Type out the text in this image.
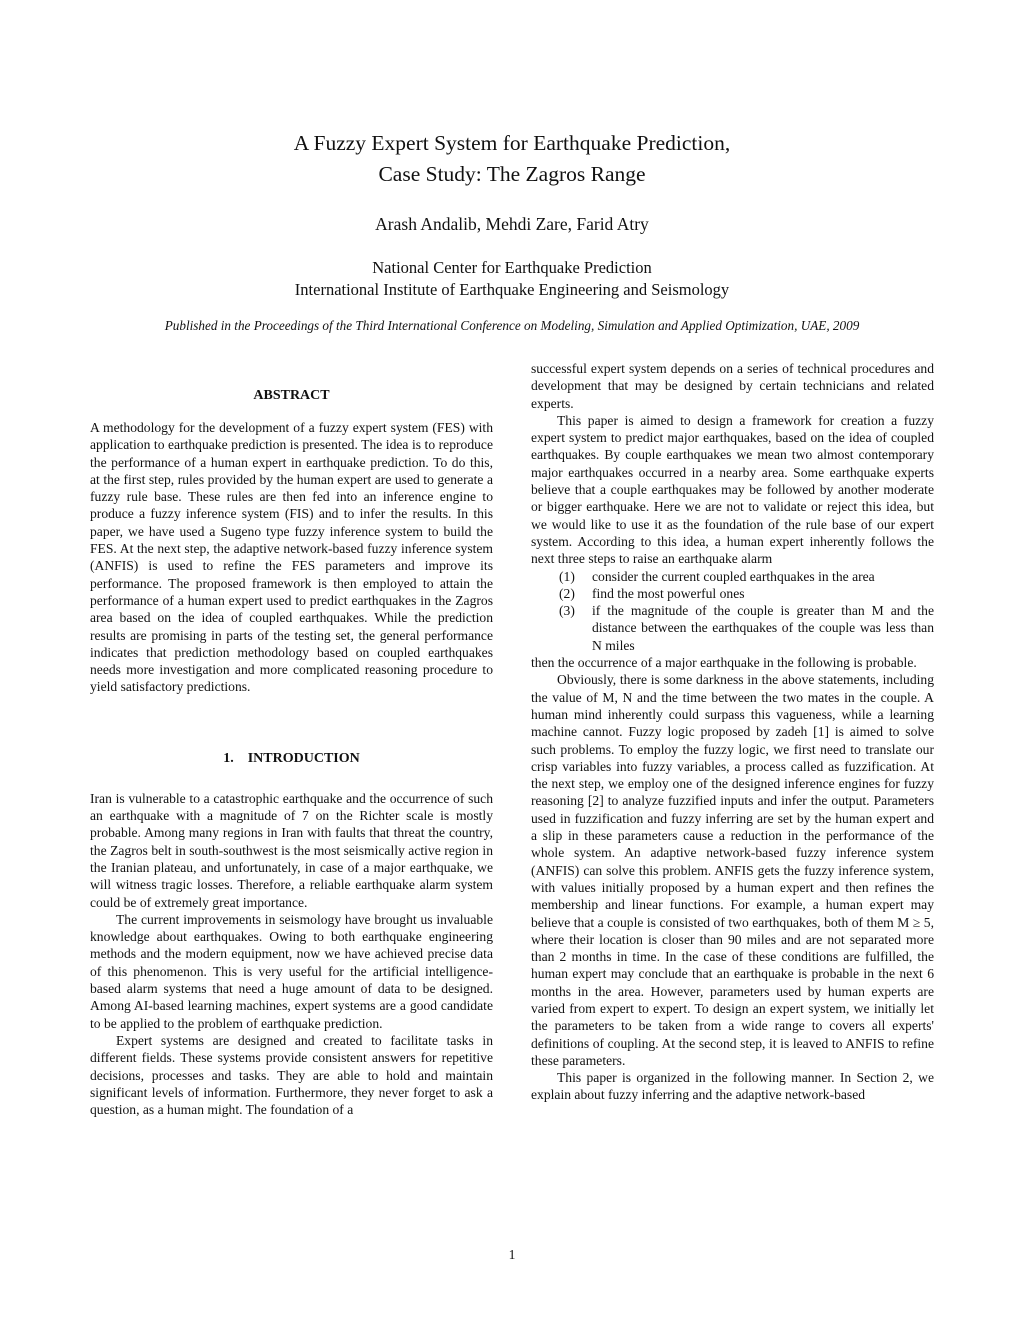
A Fuzzy Expert System for Earthquake Prediction,
Case Study: The Zagros Range
Arash Andalib, Mehdi Zare, Farid Atry
National Center for Earthquake Prediction
International Institute of Earthquake Engineering and Seismology
Published in the Proceedings of the Third International Conference on Modeling, Simulation and Applied Optimization, UAE, 2009
ABSTRACT

A methodology for the development of a fuzzy expert system (FES) with application to earthquake prediction is presented. The idea is to reproduce the performance of a human expert in earthquake prediction. To do this, at the first step, rules provided by the human expert are used to generate a fuzzy rule base. These rules are then fed into an inference engine to produce a fuzzy inference system (FIS) and to infer the results. In this paper, we have used a Sugeno type fuzzy inference system to build the FES. At the next step, the adaptive network-based fuzzy inference system (ANFIS) is used to refine the FES parameters and improve its performance. The proposed framework is then employed to attain the performance of a human expert used to predict earthquakes in the Zagros area based on the idea of coupled earthquakes. While the prediction results are promising in parts of the testing set, the general performance indicates that prediction methodology based on coupled earthquakes needs more investigation and more complicated reasoning procedure to yield satisfactory predictions.

1.    INTRODUCTION

Iran is vulnerable to a catastrophic earthquake and the occurrence of such an earthquake with a magnitude of 7 on the Richter scale is mostly probable. Among many regions in Iran with faults that threat the country, the Zagros belt in south-southwest is the most seismically active region in the Iranian plateau, and unfortunately, in case of a major earthquake, we will witness tragic losses. Therefore, a reliable earthquake alarm system could be of extremely great importance.

The current improvements in seismology have brought us invaluable knowledge about earthquakes. Owing to both earthquake engineering methods and the modern equipment, now we have achieved precise data of this phenomenon. This is very useful for the artificial intelligence-based alarm systems that need a huge amount of data to be designed. Among AI-based learning machines, expert systems are a good candidate to be applied to the problem of earthquake prediction.

Expert systems are designed and created to facilitate tasks in different fields. These systems provide consistent answers for repetitive decisions, processes and tasks. They are able to hold and maintain significant levels of information. Furthermore, they never forget to ask a question, as a human might. The foundation of a

successful expert system depends on a series of technical procedures and development that may be designed by certain technicians and related experts.

This paper is aimed to design a framework for creation a fuzzy expert system to predict major earthquakes, based on the idea of coupled earthquakes. By couple earthquakes we mean two almost contemporary major earthquakes occurred in a nearby area. Some earthquake experts believe that a couple earthquakes may be followed by another moderate or bigger earthquake. Here we are not to validate or reject this idea, but we would like to use it as the foundation of the rule base of our expert system. According to this idea, a human expert inherently follows the next three steps to raise an earthquake alarm

(1) consider the current coupled earthquakes in the area
(2) find the most powerful ones
(3) if the magnitude of the couple is greater than M and the distance between the earthquakes of the couple was less than N miles

then the occurrence of a major earthquake in the following is probable.

Obviously, there is some darkness in the above statements, including the value of M, N and the time between the two mates in the couple. A human mind inherently could surpass this vagueness, while a learning machine cannot. Fuzzy logic proposed by zadeh [1] is aimed to solve such problems. To employ the fuzzy logic, we first need to translate our crisp variables into fuzzy variables, a process called as fuzzification. At the next step, we employ one of the designed inference engines for fuzzy reasoning [2] to analyze fuzzified inputs and infer the output. Parameters used in fuzzification and fuzzy inferring are set by the human expert and a slip in these parameters cause a reduction in the performance of the whole system. An adaptive network-based fuzzy inference system (ANFIS) can solve this problem. ANFIS gets the fuzzy inference system, with values initially proposed by a human expert and then refines the membership and linear functions. For example, a human expert may believe that a couple is consisted of two earthquakes, both of them M ≥ 5, where their location is closer than 90 miles and are not separated more than 2 months in time. In the case of these conditions are fulfilled, the human expert may conclude that an earthquake is probable in the next 6 months in the area. However, parameters used by human experts are varied from expert to expert. To design an expert system, we initially let the parameters to be taken from a wide range to covers all experts' definitions of coupling. At the second step, it is leaved to ANFIS to refine these parameters.

This paper is organized in the following manner. In Section 2, we explain about fuzzy inferring and the adaptive network-based

1
